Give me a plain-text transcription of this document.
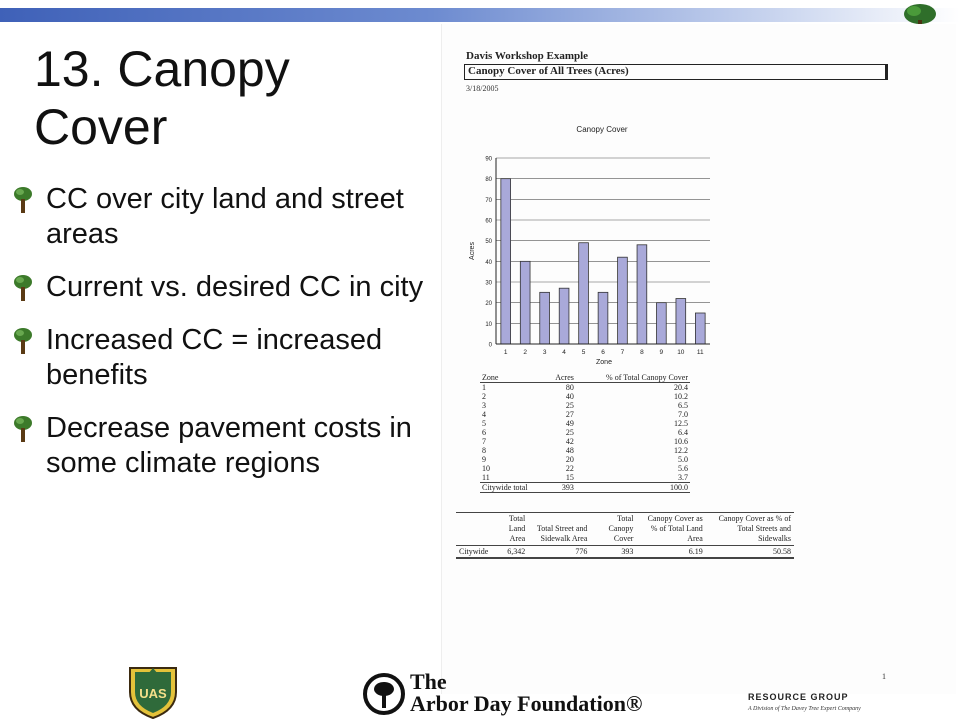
13. Canopy Cover
CC over city land and street areas
Current vs. desired CC in city
Increased CC = increased benefits
Decrease pavement costs in some climate regions
Davis Workshop Example
Canopy Cover of All Trees (Acres)
3/18/2005
Canopy Cover
Acres
Zone
0
10
20
30
40
50
60
70
80
90
1 2 3 4 5 6 7 8 9 10 11
Zone	Acres	% of Total Canopy Cover
1	80	20.4
2	40	10.2
3	25	6.5
4	27	7.0
5	49	12.5
6	25	6.4
7	42	10.6
8	48	12.2
9	20	5.0
10	22	5.6
11	15	3.7
Citywide total	393	100.0
	Total Land Area	Total Street and Sidewalk Area	Total Canopy Cover	Canopy Cover as % of Total Land Area	Canopy Cover as % of Total Streets and Sidewalks
Citywide	6,342	776	393	6.19	50.58
1
UAS	The
Arbor Day Foundation®	RESOURCE GROUP
A Division of The Davey Tree Expert Company
